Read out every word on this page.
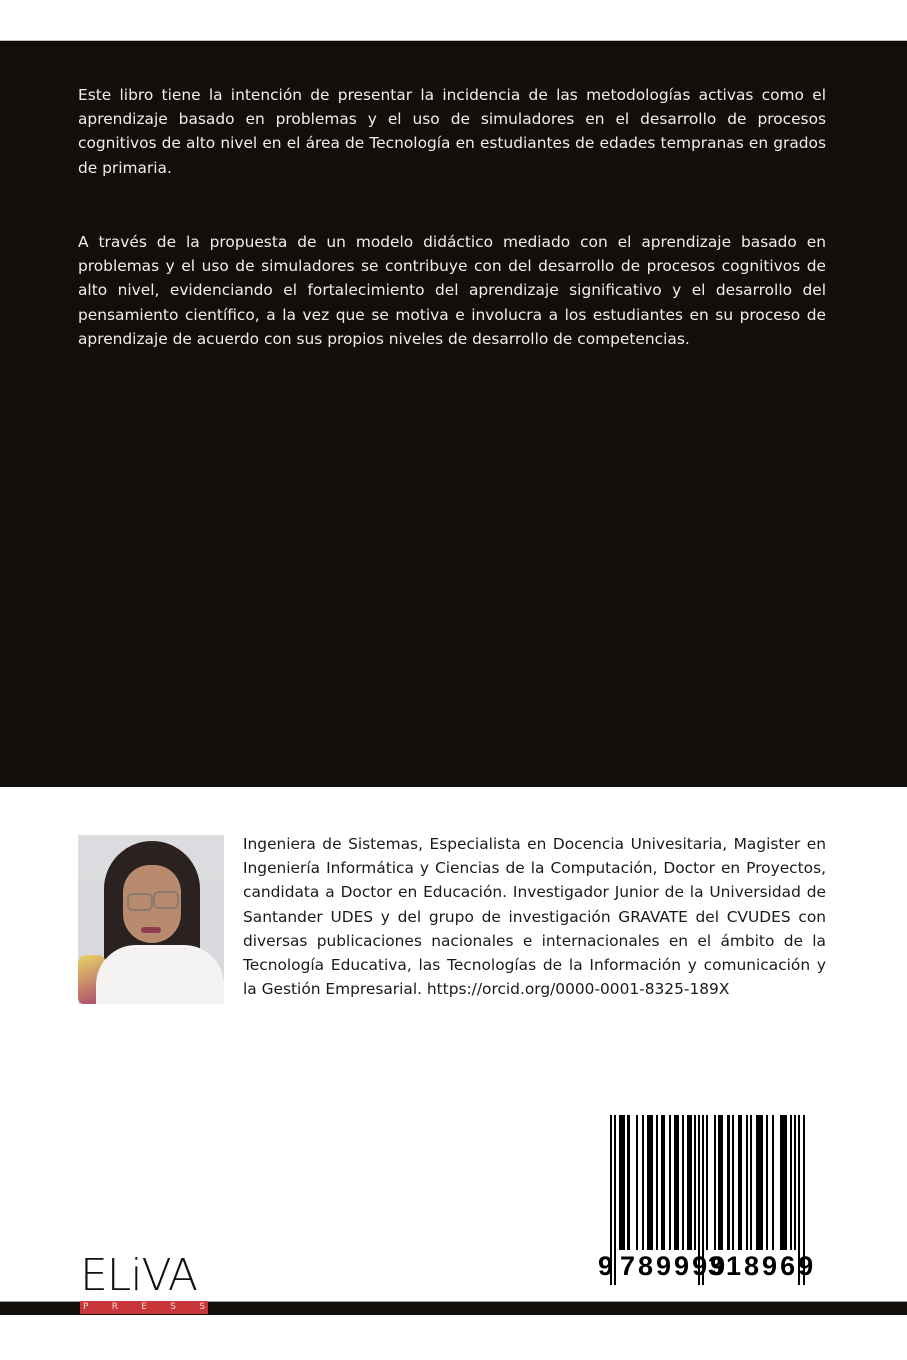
Este libro tiene la intención de presentar la incidencia de las metodologías activas como el aprendizaje basado en problemas y el uso de simuladores en el desarrollo de procesos cognitivos de alto nivel en el área de Tecnología en estudiantes de edades tempranas en grados de primaria.

A través de la propuesta de un modelo didáctico mediado con el aprendizaje basado en problemas y el uso de simuladores se contribuye con del desarrollo de procesos cognitivos de alto nivel, evidenciando el fortalecimiento del aprendizaje significativo y el desarrollo del pensamiento científico, a la vez que se motiva e involucra a los estudiantes en su proceso de aprendizaje de acuerdo con sus propios niveles de desarrollo de competencias.

Ingeniera de Sistemas, Especialista en Docencia Univesitaria, Magister en Ingeniería Informática y Ciencias de la Computación, Doctor en Proyectos, candidata a Doctor en Educación. Investigador Junior de la Universidad de Santander UDES y del grupo de investigación GRAVATE del CVUDES con diversas publicaciones nacionales e internacionales en el ámbito de la Tecnología Educativa, las Tecnologías de la Información y comunicación y la Gestión Empresarial. https://orcid.org/0000-0001-8325-189X

9 789999
318969
ELiVA
P	R	E	S	S
